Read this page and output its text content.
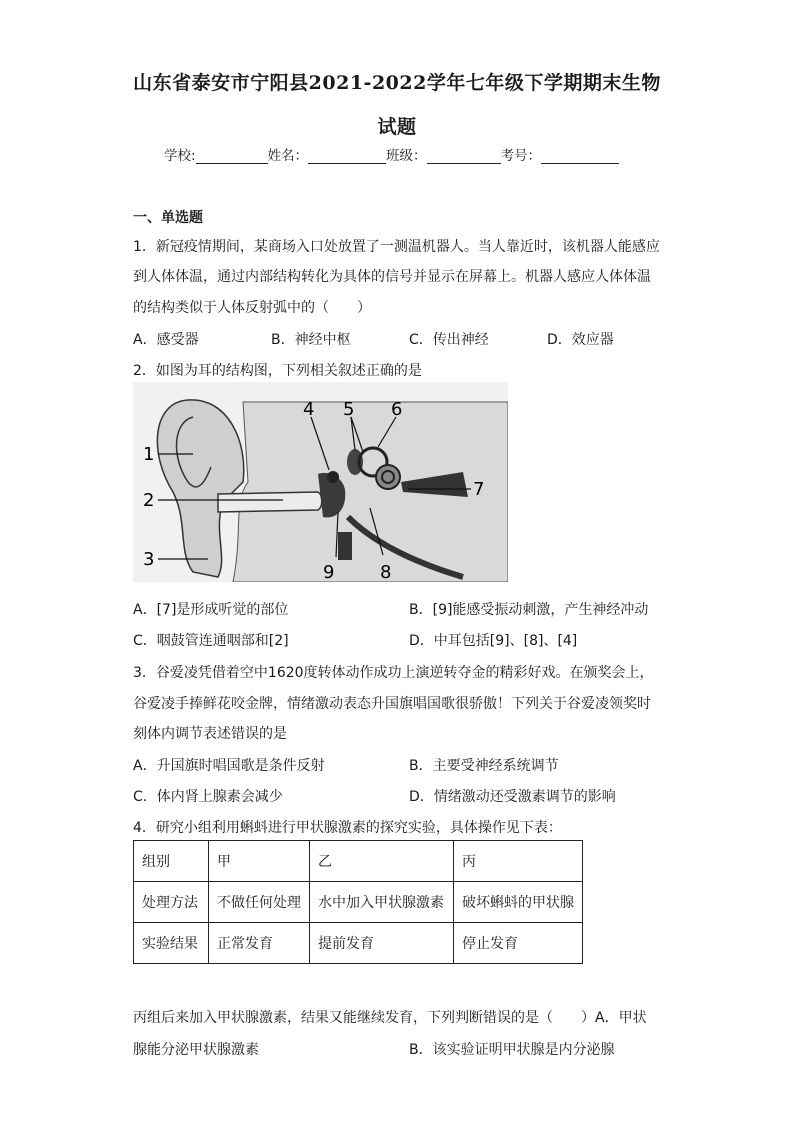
山东省泰安市宁阳县2021-2022学年七年级下学期期末生物
试题
学校:	姓名：	班级：	考号：
一、单选题
1．新冠疫情期间，某商场入口处放置了一测温机器人。当人靠近时，该机器人能感应
到人体体温，通过内部结构转化为具体的信号并显示在屏幕上。机器人感应人体体温
的结构类似于人体反射弧中的（　　）
A．感受器	B．神经中枢	C．传出神经	D．效应器
2．如图为耳的结构图，下列相关叙述正确的是
1
2
3
4 5 6
7
8
9
A．[7]是形成听觉的部位	B．[9]能感受振动刺激，产生神经冲动
C．咽鼓管连通咽部和[2]	D．中耳包括[9]、[8]、[4]
3．谷爱凌凭借着空中1620度转体动作成功上演逆转夺金的精彩好戏。在颁奖会上，
谷爱凌手捧鲜花咬金牌，情绪激动表态升国旗唱国歌很骄傲！下列关于谷爱凌领奖时
刻体内调节表述错误的是
A．升国旗时唱国歌是条件反射	B．主要受神经系统调节
C．体内肾上腺素会减少	D．情绪激动还受激素调节的影响
4．研究小组利用蝌蚪进行甲状腺激素的探究实验，具体操作见下表：
组别	甲	乙	丙
处理方法	不做任何处理	水中加入甲状腺激素	破坏蝌蚪的甲状腺
实验结果	正常发育	提前发育	停止发育
丙组后来加入甲状腺激素，结果又能继续发育，下列判断错误的是（　　）A．甲状
腺能分泌甲状腺激素	B．该实验证明甲状腺是内分泌腺
